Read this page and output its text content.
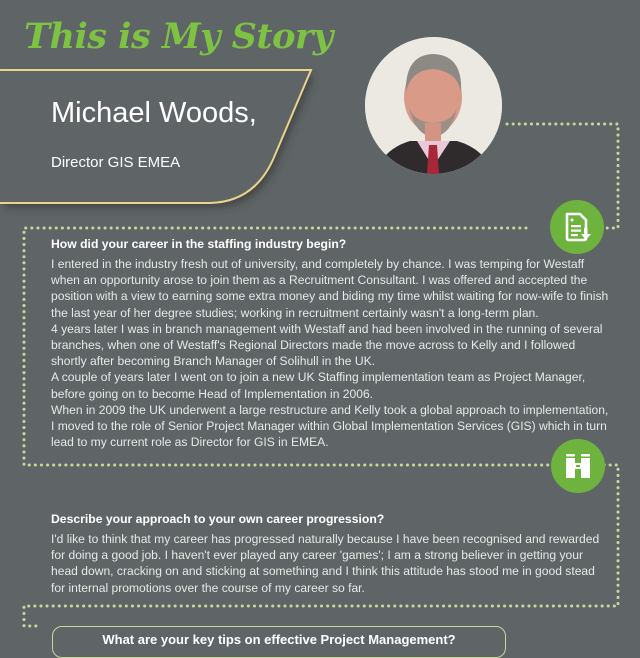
This is My Story
Michael Woods,

Director GIS EMEA

How did your career in the staffing industry begin?

I entered in the industry fresh out of university, and completely by chance. I was temping for Westaff when an opportunity arose to join them as a Recruitment Consultant. I was offered and accepted the position with a view to earning some extra money and biding my time whilst waiting for now-wife to finish the last year of her degree studies; working in recruitment certainly wasn't a long-term plan.

4 years later I was in branch management with Westaff and had been involved in the running of several branches, when one of Westaff's Regional Directors made the move across to Kelly and I followed shortly after becoming Branch Manager of Solihull in the UK.

A couple of years later I went on to join a new UK Staffing implementation team as Project Manager, before going on to become Head of Implementation in 2006.

When in 2009 the UK underwent a large restructure and Kelly took a global approach to implementation, I moved to the role of Senior Project Manager within Global Implementation Services (GIS) which in turn lead to my current role as Director for GIS in EMEA.

Describe your approach to your own career progression?

I'd like to think that my career has progressed naturally because I have been recognised and rewarded for doing a good job. I haven't ever played any career 'games'; I am a strong believer in getting your head down, cracking on and sticking at something and I think this attitude has stood me in good stead for internal promotions over the course of my career so far.

What are your key tips on effective Project Management?
